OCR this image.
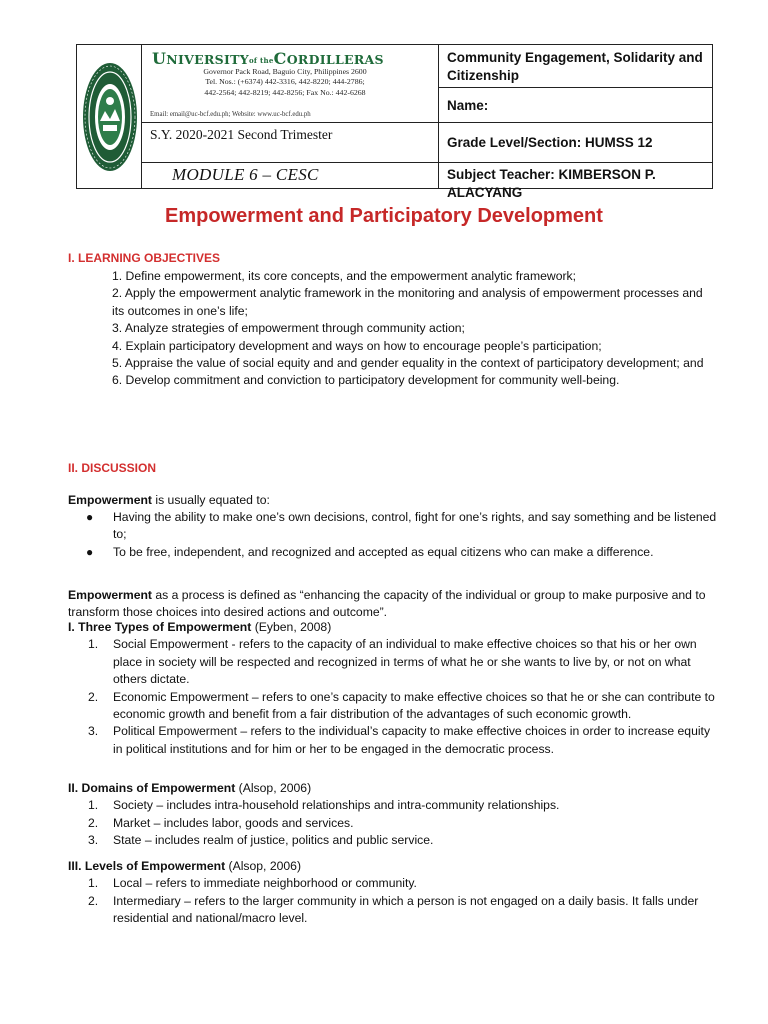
UNIVERSITYof theCORDILLERAS
Governor Pack Road, Baguio City, Philippines 2600
Tel. Nos.: (+6374) 442-3316, 442-8220; 444-2786;
442-2564; 442-8219; 442-8256; Fax No.: 442-6268
Email: email@uc-bcf.edu.ph; Website: www.uc-bcf.edu.ph
S.Y. 2020-2021 Second Trimester
MODULE 6 – CESC
Community Engagement, Solidarity and Citizenship
Name:
Grade Level/Section: HUMSS 12
Subject Teacher: KIMBERSON P. ALACYANG
Empowerment and Participatory Development
I. LEARNING OBJECTIVES
1. Define empowerment, its core concepts, and the empowerment analytic framework;
2. Apply the empowerment analytic framework in the monitoring and analysis of empowerment processes and its outcomes in one’s life;
3. Analyze strategies of empowerment through community action;
4. Explain participatory development and ways on how to encourage people’s participation;
5. Appraise the value of social equity and and gender equality in the context of participatory development; and
6. Develop commitment and conviction to participatory development for community well-being.
II. DISCUSSION
Empowerment is usually equated to:
● Having the ability to make one’s own decisions, control, fight for one’s rights, and say something and be listened to;
● To be free, independent, and recognized and accepted as equal citizens who can make a difference.
Empowerment as a process is defined as “enhancing the capacity of the individual or group to make purposive and to transform those choices into desired actions and outcome”.
I. Three Types of Empowerment (Eyben, 2008)
1. Social Empowerment - refers to the capacity of an individual to make effective choices so that his or her own place in society will be respected and recognized in terms of what he or she wants to live by, or not on what others dictate.
2. Economic Empowerment – refers to one’s capacity to make effective choices so that he or she can contribute to economic growth and benefit from a fair distribution of the advantages of such economic growth.
3. Political Empowerment – refers to the individual’s capacity to make effective choices in order to increase equity in political institutions and for him or her to be engaged in the democratic process.
II. Domains of Empowerment (Alsop, 2006)
1. Society – includes intra-household relationships and intra-community relationships.
2. Market – includes labor, goods and services.
3. State – includes realm of justice, politics and public service.
III. Levels of Empowerment (Alsop, 2006)
1. Local – refers to immediate neighborhood or community.
2. Intermediary – refers to the larger community in which a person is not engaged on a daily basis. It falls under residential and national/macro level.
